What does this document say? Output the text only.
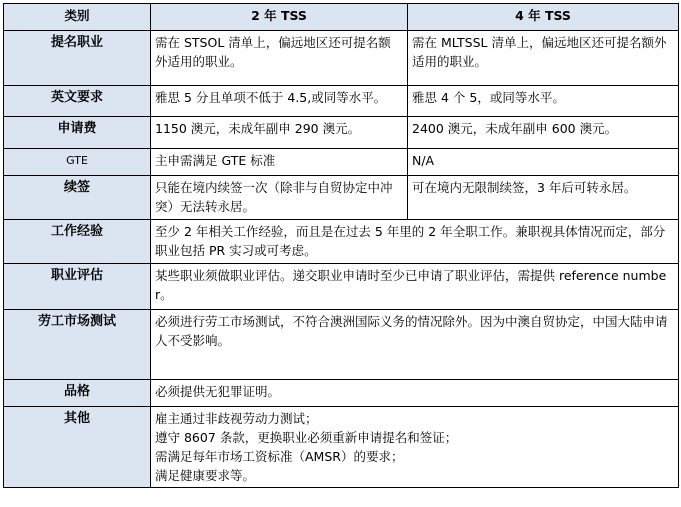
类别	2 年 TSS	4 年 TSS
提名职业	需在 STSOL 清单上，偏远地区还可提名额外适用的职业。	需在 MLTSSL 清单上，偏远地区还可提名额外适用的职业。
英文要求	雅思 5 分且单项不低于 4.5,或同等水平。	雅思 4 个 5，或同等水平。
申请费	1150 澳元，未成年副申 290 澳元。	2400 澳元，未成年副申 600 澳元。
GTE	主申需满足 GTE 标准	N/A
续签	只能在境内续签一次（除非与自贸协定中冲突）无法转永居。	可在境内无限制续签，3 年后可转永居。
工作经验	至少 2 年相关工作经验，而且是在过去 5 年里的 2 年全职工作。兼职视具体情况而定，部分职业包括 PR 实习或可考虑。	
职业评估	某些职业须做职业评估。递交职业申请时至少已申请了职业评估，需提供 reference number。	
劳工市场测试	必须进行劳工市场测试，不符合澳洲国际义务的情况除外。因为中澳自贸协定，中国大陆申请人不受影响。	
品格	必须提供无犯罪证明。	
其他	雇主通过非歧视劳动力测试；
遵守 8607 条款，更换职业必须重新申请提名和签证；
需满足每年市场工资标准（AMSR）的要求；
满足健康要求等。	
